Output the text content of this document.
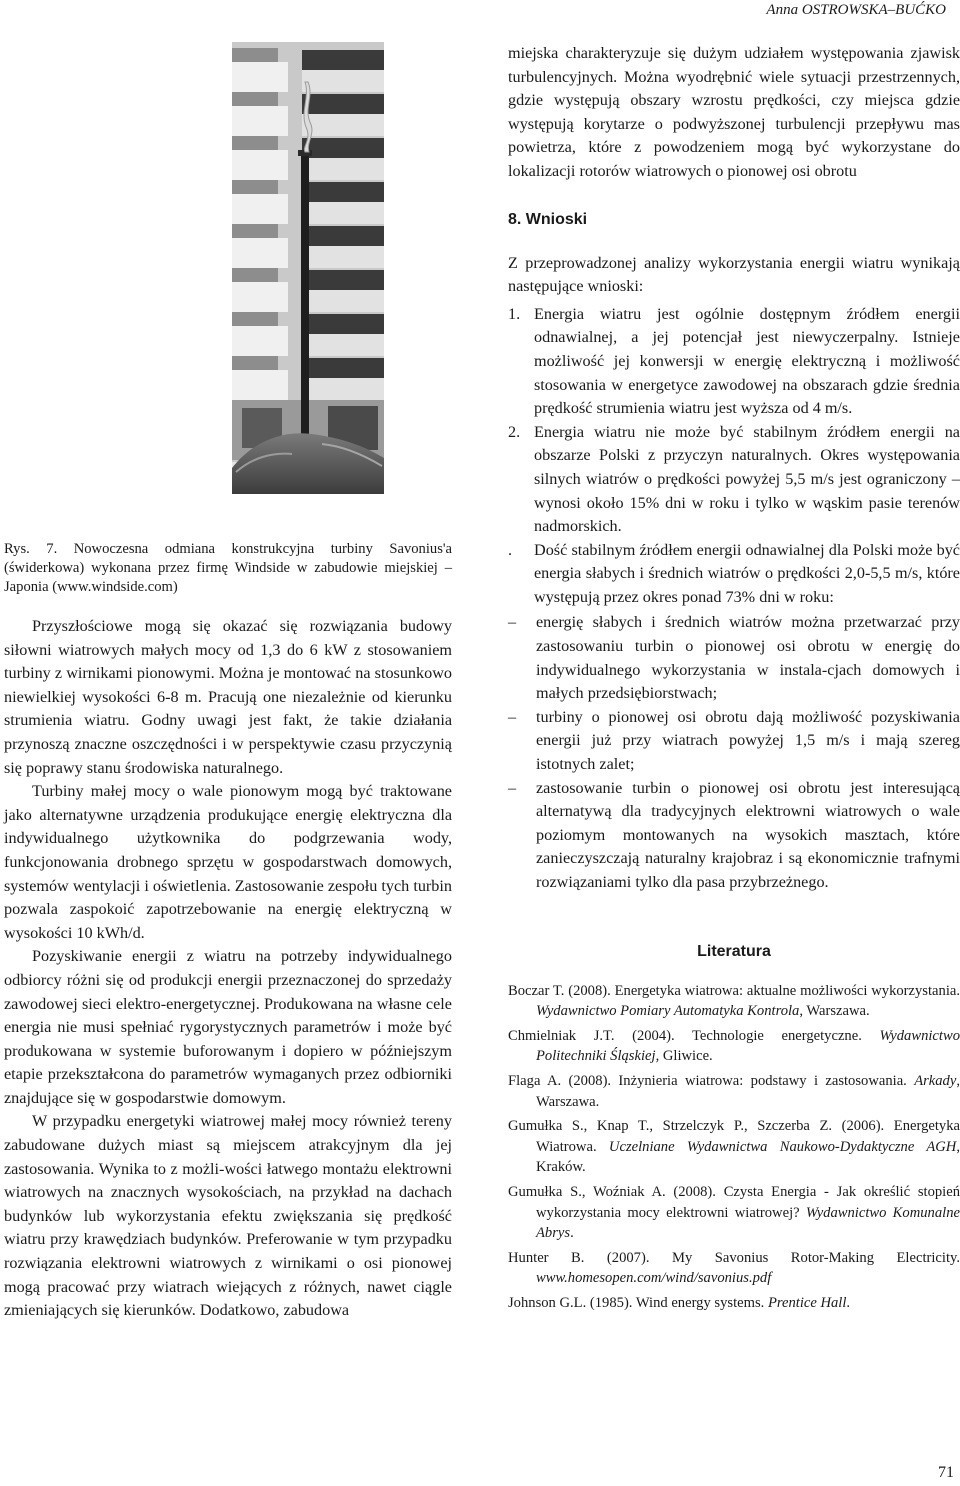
Anna OSTROWSKA–BUĆKO
Rys. 7. Nowoczesna odmiana konstrukcyjna turbiny Savonius'a (świderkowa) wykonana przez firmę Windside w zabudowie miejskiej – Japonia (www.windside.com)

Przyszłościowe mogą się okazać się rozwiązania budowy siłowni wiatrowych małych mocy od 1,3 do 6 kW z stosowaniem turbiny z wirnikami pionowymi. Można je montować na stosunkowo niewielkiej wysokości 6-8 m. Pracują one niezależnie od kierunku strumienia wiatru. Godny uwagi jest fakt, że takie działania przynoszą znaczne oszczędności i w perspektywie czasu przyczynią się poprawy stanu środowiska naturalnego.

Turbiny małej mocy o wale pionowym mogą być traktowane jako alternatywne urządzenia produkujące energię elektryczna dla indywidualnego użytkownika do podgrzewania wody, funkcjonowania drobnego sprzętu w gospodarstwach domowych, systemów wentylacji i oświetlenia. Zastosowanie zespołu tych turbin pozwala zaspokoić zapotrzebowanie na energię elektryczną w wysokości 10 kWh/d.

Pozyskiwanie energii z wiatru na potrzeby indywidualnego odbiorcy różni się od produkcji energii przeznaczonej do sprzedaży zawodowej sieci elektro-energetycznej. Produkowana na własne cele energia nie musi spełniać rygorystycznych parametrów i może być produkowana w systemie buforowanym i dopiero w późniejszym etapie przekształcona do parametrów wymaganych przez odbiorniki znajdujące się w gospodarstwie domowym.

W przypadku energetyki wiatrowej małej mocy również tereny zabudowane dużych miast są miejscem atrakcyjnym dla jej zastosowania. Wynika to z możli-wości łatwego montażu elektrowni wiatrowych na znacznych wysokościach, na przykład na dachach budynków lub wykorzystania efektu zwiększania się prędkość wiatru przy krawędziach budynków. Preferowanie w tym przypadku rozwiązania elektrowni wiatrowych z wirnikami o osi pionowej mogą pracować przy wiatrach wiejących z różnych, nawet ciągle zmieniających się kierunków. Dodatkowo, zabudowa

miejska charakteryzuje się dużym udziałem występowania zjawisk turbulencyjnych. Można wyodrębnić wiele sytuacji przestrzennych, gdzie występują obszary wzrostu prędkości, czy miejsca gdzie występują korytarze o podwyższonej turbulencji przepływu mas powietrza, które z powodzeniem mogą być wykorzystane do lokalizacji rotorów wiatrowych o pionowej osi obrotu

8. Wnioski

Z przeprowadzonej analizy wykorzystania energii wiatru wynikają następujące wnioski:

1. Energia wiatru jest ogólnie dostępnym źródłem energii odnawialnej, a jej potencjał jest niewyczerpalny. Istnieje możliwość jej konwersji w energię elektryczną i możliwość stosowania w energetyce zawodowej na obszarach gdzie średnia prędkość strumienia wiatru jest wyższa od 4 m/s.
2. Energia wiatru nie może być stabilnym źródłem energii na obszarze Polski z przyczyn naturalnych. Okres występowania silnych wiatrów o prędkości powyżej 5,5 m/s jest ograniczony – wynosi około 15% dni w roku i tylko w wąskim pasie terenów nadmorskich.
. Dość stabilnym źródłem energii odnawialnej dla Polski może być energia słabych i średnich wiatrów o prędkości 2,0-5,5 m/s, które występują przez okres ponad 73% dni w roku:
– energię słabych i średnich wiatrów można przetwarzać przy zastosowaniu turbin o pionowej osi obrotu w energię do indywidualnego wykorzystania w instala-cjach domowych i małych przedsiębiorstwach;
– turbiny o pionowej osi obrotu dają możliwość pozyskiwania energii już przy wiatrach powyżej 1,5 m/s i mają szereg istotnych zalet;
– zastosowanie turbin o pionowej osi obrotu jest interesującą alternatywą dla tradycyjnych elektrowni wiatrowych o wale poziomym montowanych na wysokich masztach, które zanieczyszczają naturalny krajobraz i są ekonomicznie trafnymi rozwiązaniami tylko dla pasa przybrzeżnego.
Literatura

Boczar T. (2008). Energetyka wiatrowa: aktualne możliwości wykorzystania. Wydawnictwo Pomiary Automatyka Kontrola, Warszawa.

Chmielniak J.T. (2004). Technologie energetyczne. Wydawnictwo Politechniki Śląskiej, Gliwice.

Flaga A. (2008). Inżynieria wiatrowa: podstawy i zastosowania. Arkady, Warszawa.

Gumułka S., Knap T., Strzelczyk P., Szczerba Z. (2006). Energetyka Wiatrowa. Uczelniane Wydawnictwa Naukowo-Dydaktyczne AGH, Kraków.

Gumułka S., Woźniak A. (2008). Czysta Energia - Jak określić stopień wykorzystania mocy elektrowni wiatrowej? Wydawnictwo Komunalne Abrys.

Hunter B. (2007). My Savonius Rotor-Making Electricity. www.homesopen.com/wind/savonius.pdf

Johnson G.L. (1985). Wind energy systems. Prentice Hall.

71
